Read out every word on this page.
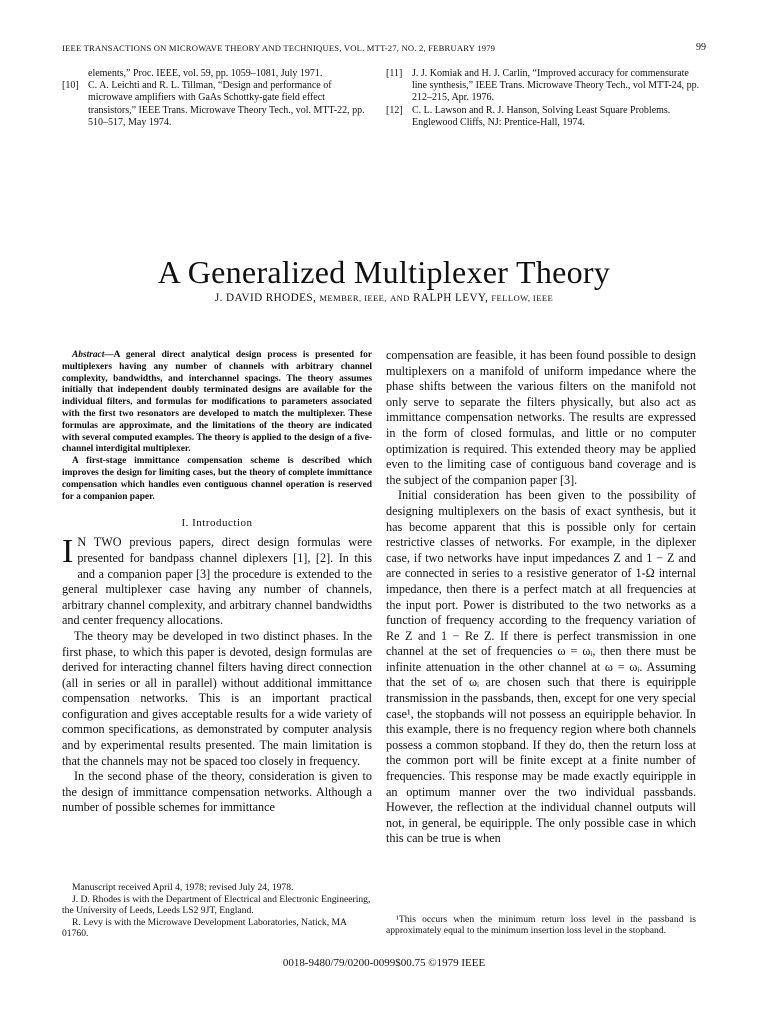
IEEE TRANSACTIONS ON MICROWAVE THEORY AND TECHNIQUES, VOL. MTT-27, NO. 2, FEBRUARY 1979	99

elements,” Proc. IEEE, vol. 59, pp. 1059–1081, July 1971.

[10] C. A. Leichti and R. L. Tillman, “Design and performance of microwave amplifiers with GaAs Schottky-gate field effect transistors,” IEEE Trans. Microwave Theory Tech., vol. MTT-22, pp. 510–517, May 1974.

[11] J. J. Komiak and H. J. Carlin, “Improved accuracy for commensurate line synthesis,” IEEE Trans. Microwave Theory Tech., vol MTT-24, pp. 212–215, Apr. 1976.

[12] C. L. Lawson and R. J. Hanson, Solving Least Square Problems. Englewood Cliffs, NJ: Prentice-Hall, 1974.

A Generalized Multiplexer Theory
J. DAVID RHODES, MEMBER, IEEE, AND RALPH LEVY, FELLOW, IEEE

Abstract—A general direct analytical design process is presented for multiplexers having any number of channels with arbitrary channel complexity, bandwidths, and interchannel spacings. The theory assumes initially that independent doubly terminated designs are available for the individual filters, and formulas for modifications to parameters associated with the first two resonators are developed to match the multiplexer. These formulas are approximate, and the limitations of the theory are indicated with several computed examples. The theory is applied to the design of a five-channel interdigital multiplexer.

A first-stage immittance compensation scheme is described which improves the design for limiting cases, but the theory of complete immittance compensation which handles even contiguous channel operation is reserved for a companion paper.

I. Introduction

I N TWO previous papers, direct design formulas were presented for bandpass channel diplexers [1], [2]. In this and a companion paper [3] the procedure is extended to the general multiplexer case having any number of channels, arbitrary channel complexity, and arbitrary channel bandwidths and center frequency allocations.

The theory may be developed in two distinct phases. In the first phase, to which this paper is devoted, design formulas are derived for interacting channel filters having direct connection (all in series or all in parallel) without additional immittance compensation networks. This is an important practical configuration and gives acceptable results for a wide variety of common specifications, as demonstrated by computer analysis and by experimental results presented. The main limitation is that the channels may not be spaced too closely in frequency.

In the second phase of the theory, consideration is given to the design of immittance compensation networks. Although a number of possible schemes for immittance

compensation are feasible, it has been found possible to design multiplexers on a manifold of uniform impedance where the phase shifts between the various filters on the manifold not only serve to separate the filters physically, but also act as immittance compensation networks. The results are expressed in the form of closed formulas, and little or no computer optimization is required. This extended theory may be applied even to the limiting case of contiguous band coverage and is the subject of the companion paper [3].

Initial consideration has been given to the possibility of designing multiplexers on the basis of exact synthesis, but it has become apparent that this is possible only for certain restrictive classes of networks. For example, in the diplexer case, if two networks have input impedances Z and 1 − Z and are connected in series to a resistive generator of 1-Ω internal impedance, then there is a perfect match at all frequencies at the input port. Power is distributed to the two networks as a function of frequency according to the frequency variation of Re Z and 1 − Re Z. If there is perfect transmission in one channel at the set of frequencies ω = ωᵢ, then there must be infinite attenuation in the other channel at ω = ωᵢ. Assuming that the set of ωᵢ are chosen such that there is equiripple transmission in the passbands, then, except for one very special case¹, the stopbands will not possess an equiripple behavior. In this example, there is no frequency region where both channels possess a common stopband. If they do, then the return loss at the common port will be finite except at a finite number of frequencies. This response may be made exactly equiripple in an optimum manner over the two individual passbands. However, the reflection at the individual channel outputs will not, in general, be equiripple. The only possible case in which this can be true is when

Manuscript received April 4, 1978; revised July 24, 1978.

J. D. Rhodes is with the Department of Electrical and Electronic Engineering, the University of Leeds, Leeds LS2 9JT, England.

R. Levy is with the Microwave Development Laboratories, Natick, MA 01760.

¹This occurs when the minimum return loss level in the passband is approximately equal to the minimum insertion loss level in the stopband.

0018-9480/79/0200-0099$00.75 ©1979 IEEE
